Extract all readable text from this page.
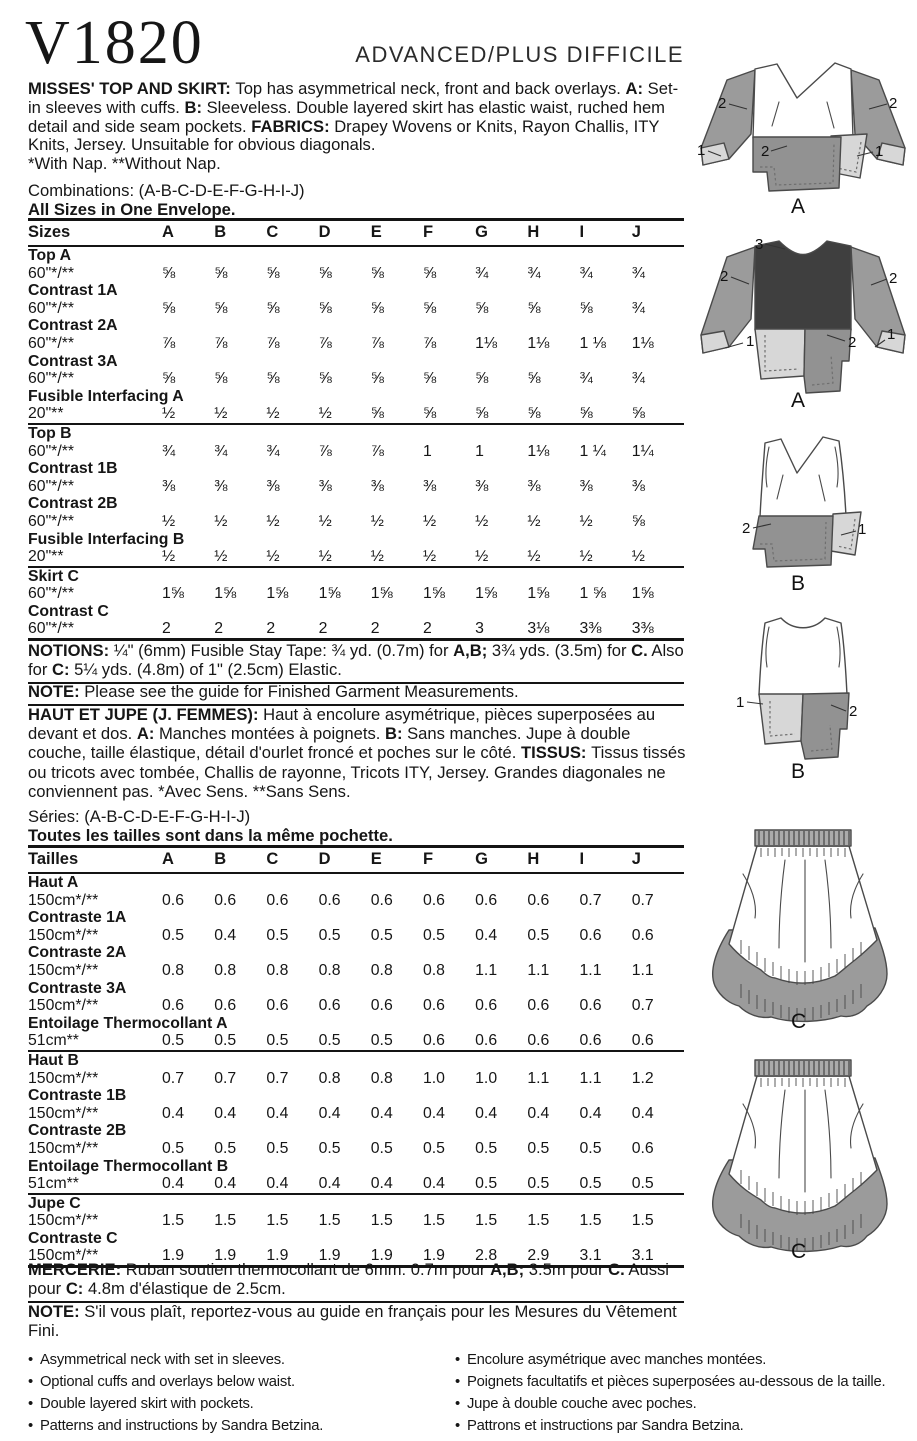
V1820	ADVANCED/PLUS DIFFICILE
MISSES' TOP AND SKIRT: Top has asymmetrical neck, front and back overlays. A: Set-in sleeves with cuffs. B: Sleeveless. Double layered skirt has elastic waist, ruched hem detail and side seam pockets. FABRICS: Drapey Wovens or Knits, Rayon Challis, ITY Knits, Jersey. Unsuitable for obvious diagonals.
*With Nap. **Without Nap.
Combinations: (A-B-C-D-E-F-G-H-I-J)
All Sizes in One Envelope.
Sizes	A	B	C	D	E	F	G	H	I	J
Top A										
60"*/**	⅝	⅝	⅝	⅝	⅝	⅝	¾	¾	¾	¾
Contrast 1A										
60"*/**	⅝	⅝	⅝	⅝	⅝	⅝	⅝	⅝	⅝	¾
Contrast 2A										
60"*/**	⅞	⅞	⅞	⅞	⅞	⅞	1⅛	1⅛	1 ⅛	1⅛
Contrast 3A										
60"*/**	⅝	⅝	⅝	⅝	⅝	⅝	⅝	⅝	¾	¾
Fusible Interfacing A										
20"**	½	½	½	½	⅝	⅝	⅝	⅝	⅝	⅝
Top B										
60"*/**	¾	¾	¾	⅞	⅞	1	1	1⅛	1 ¼	1¼
Contrast 1B										
60"*/**	⅜	⅜	⅜	⅜	⅜	⅜	⅜	⅜	⅜	⅜
Contrast 2B										
60"*/**	½	½	½	½	½	½	½	½	½	⅝
Fusible Interfacing B										
20"**	½	½	½	½	½	½	½	½	½	½
Skirt C										
60"*/**	1⅝	1⅝	1⅝	1⅝	1⅝	1⅝	1⅝	1⅝	1 ⅝	1⅝
Contrast C										
60"*/**	2	2	2	2	2	2	3	3⅛	3⅜	3⅜
NOTIONS: ¼" (6mm) Fusible Stay Tape: ¾ yd. (0.7m) for A,B; 3¾ yds. (3.5m) for C. Also for C: 5¼ yds. (4.8m) of 1" (2.5cm) Elastic.
NOTE: Please see the guide for Finished Garment Measurements.
HAUT ET JUPE (J. FEMMES): Haut à encolure asymétrique, pièces superposées au devant et dos. A: Manches montées à poignets. B: Sans manches. Jupe à double couche, taille élastique, détail d'ourlet froncé et poches sur le côté. TISSUS: Tissus tissés ou tricots avec tombée, Challis de rayonne, Tricots ITY, Jersey. Grandes diagonales ne conviennent pas. *Avec Sens. **Sans Sens.
Séries: (A-B-C-D-E-F-G-H-I-J)
Toutes les tailles sont dans la même pochette.
Tailles	A	B	C	D	E	F	G	H	I	J
Haut A										
150cm*/**	0.6	0.6	0.6	0.6	0.6	0.6	0.6	0.6	0.7	0.7
Contraste 1A										
150cm*/**	0.5	0.4	0.5	0.5	0.5	0.5	0.4	0.5	0.6	0.6
Contraste 2A										
150cm*/**	0.8	0.8	0.8	0.8	0.8	0.8	1.1	1.1	1.1	1.1
Contraste 3A										
150cm*/**	0.6	0.6	0.6	0.6	0.6	0.6	0.6	0.6	0.6	0.7
Entoilage Thermocollant A										
51cm**	0.5	0.5	0.5	0.5	0.5	0.6	0.6	0.6	0.6	0.6
Haut B										
150cm*/**	0.7	0.7	0.7	0.8	0.8	1.0	1.0	1.1	1.1	1.2
Contraste 1B										
150cm*/**	0.4	0.4	0.4	0.4	0.4	0.4	0.4	0.4	0.4	0.4
Contraste 2B										
150cm*/**	0.5	0.5	0.5	0.5	0.5	0.5	0.5	0.5	0.5	0.6
Entoilage Thermocollant B										
51cm**	0.4	0.4	0.4	0.4	0.4	0.4	0.5	0.5	0.5	0.5
Jupe C										
150cm*/**	1.5	1.5	1.5	1.5	1.5	1.5	1.5	1.5	1.5	1.5
Contraste C										
150cm*/**	1.9	1.9	1.9	1.9	1.9	1.9	2.8	2.9	3.1	3.1
MERCERIE: Ruban soutien thermocollant de 6mm: 0.7m pour A,B; 3.5m pour C. Aussi pour C: 4.8m d'élastique de 2.5cm.
NOTE: S'il vous plaît, reportez-vous au guide en français pour les Mesures du Vêtement Fini.
• Asymmetrical neck with set in sleeves.
• Optional cuffs and overlays below waist.
• Double layered skirt with pockets.
• Patterns and instructions by Sandra Betzina.
• Encolure asymétrique avec manches montées.
• Poignets facultatifs et pièces superposées au-dessous de la taille.
• Jupe à double couche avec poches.
• Pattrons et instructions par Sandra Betzina.
1
2	2
2	1
A
3
2	2
1	2 1
A
2	1
B
1
2
B
C
C
